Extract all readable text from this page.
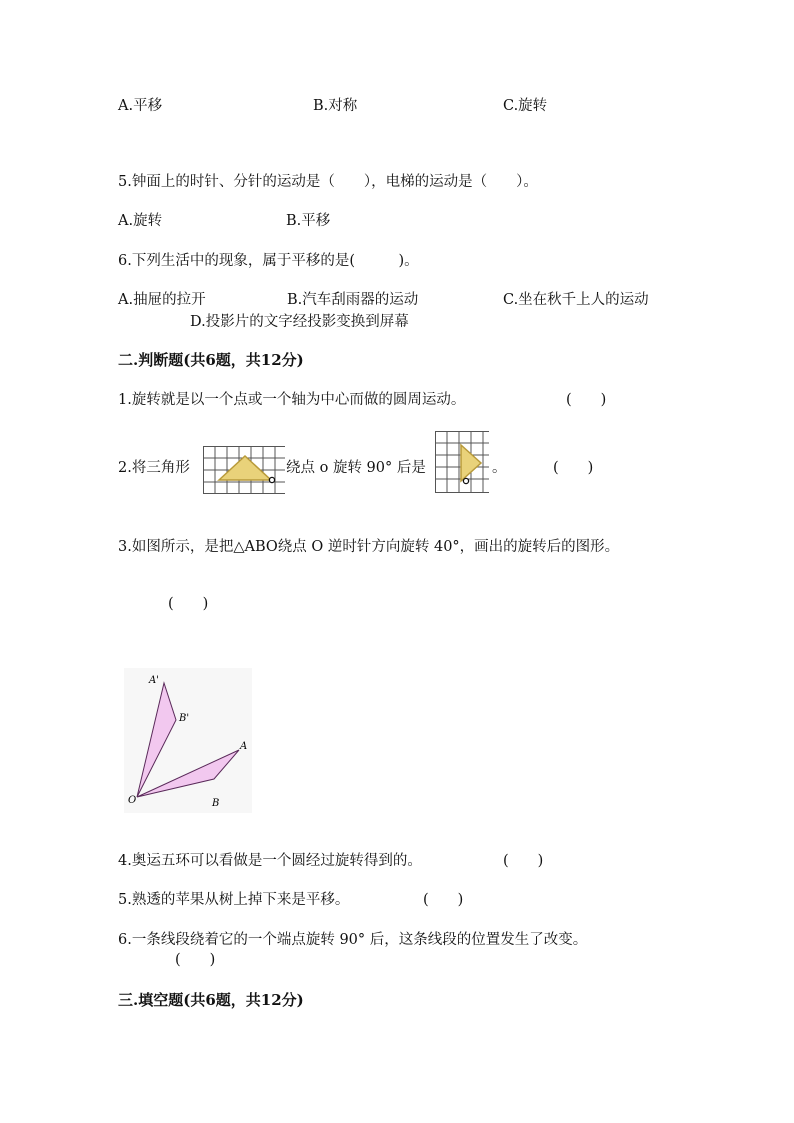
A.平移	B.对称	C.旋转
5.钟面上的时针、分针的运动是（　　），电梯的运动是（　　）。
A.旋转	B.平移
6.下列生活中的现象，属于平移的是(　　　)。
A.抽屉的拉开	B.汽车刮雨器的运动	C.坐在秋千上人的运动
D.投影片的文字经投影变换到屏幕
二.判断题(共6题，共12分)
1.旋转就是以一个点或一个轴为中心而做的圆周运动。	(　　)
2.将三角形	绕点 o 旋转 90° 后是	。	(　　)
3.如图所示，是把△ABO绕点 O 逆时针方向旋转 40°，画出的旋转后的图形。
(　　)
A'
B'
A
O	B
4.奥运五环可以看做是一个圆经过旋转得到的。	(　　)
5.熟透的苹果从树上掉下来是平移。	(　　)
6.一条线段绕着它的一个端点旋转 90° 后，这条线段的位置发生了改变。
(　　)
三.填空题(共6题，共12分)
